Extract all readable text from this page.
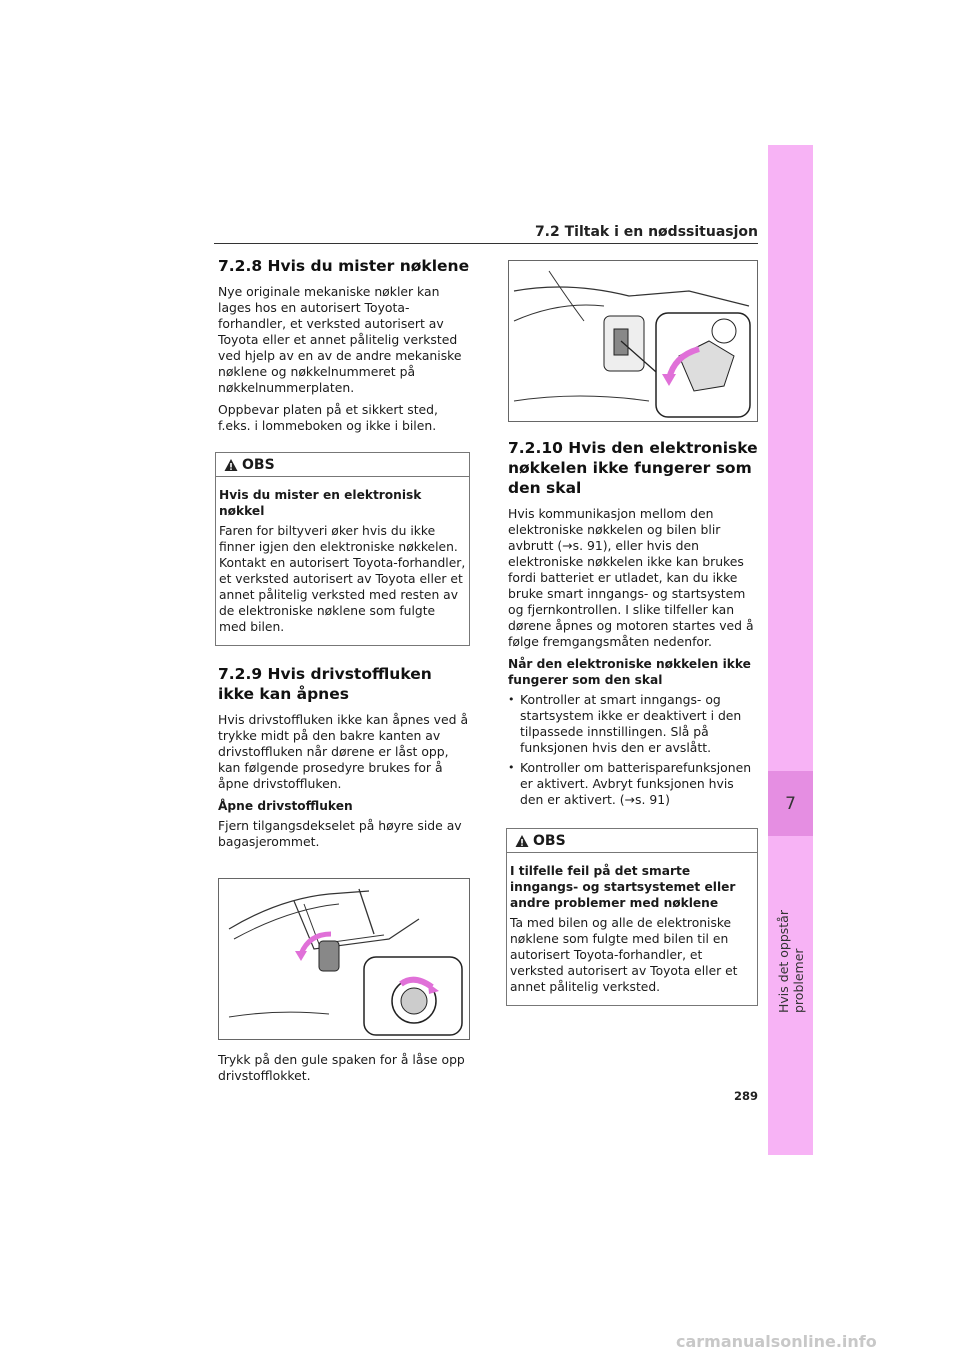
7.2 Tiltak i en nødssituasjon
7.2.8 Hvis du mister nøklene

Nye originale mekaniske nøkler kan lages hos en autorisert Toyota-forhandler, et verksted autorisert av Toyota eller et annet pålitelig verksted ved hjelp av en av de andre mekaniske nøklene og nøkkelnummeret på nøkkelnummerplaten.

Oppbevar platen på et sikkert sted, f.eks. i lommeboken og ikke i bilen.

OBS
Hvis du mister en elektronisk nøkkel

Faren for biltyveri øker hvis du ikke finner igjen den elektroniske nøkkelen. Kontakt en autorisert Toyota-forhandler, et verksted autorisert av Toyota eller et annet pålitelig verksted med resten av de elektroniske nøklene som fulgte med bilen.

7.2.9 Hvis drivstoffluken ikke kan åpnes

Hvis drivstoffluken ikke kan åpnes ved å trykke midt på den bakre kanten av drivstoffluken når dørene er låst opp, kan følgende prosedyre brukes for å åpne drivstoffluken.

Åpne drivstoffluken

Fjern tilgangsdekselet på høyre side av bagasjerommet.

Trykk på den gule spaken for å låse opp drivstofflokket.

7.2.10 Hvis den elektroniske nøkkelen ikke fungerer som den skal

Hvis kommunikasjon mellom den elektroniske nøkkelen og bilen blir avbrutt (→s. 91), eller hvis den elektroniske nøkkelen ikke kan brukes fordi batteriet er utladet, kan du ikke bruke smart inngangs- og startsystem og fjernkontrollen. I slike tilfeller kan dørene åpnes og motoren startes ved å følge fremgangsmåten nedenfor.

Når den elektroniske nøkkelen ikke fungerer som den skal
• Kontroller at smart inngangs- og startsystem ikke er deaktivert i den tilpassede innstillingen. Slå på funksjonen hvis den er avslått.
• Kontroller om batterisparefunksjonen er aktivert. Avbryt funksjonen hvis den er aktivert. (→s. 91)
OBS
I tilfelle feil på det smarte inngangs- og startsystemet eller andre problemer med nøklene

Ta med bilen og alle de elektroniske nøklene som fulgte med bilen til en autorisert Toyota-forhandler, et verksted autorisert av Toyota eller et annet pålitelig verksted.

7
Hvis det oppstår problemer
289
carmanualsonline.info
